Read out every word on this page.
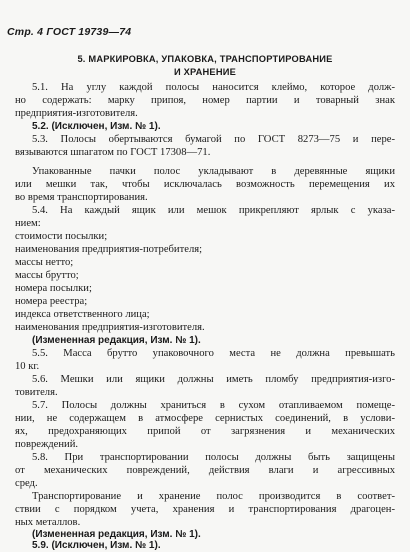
Стр. 4 ГОСТ 19739—74
5. МАРКИРОВКА, УПАКОВКА, ТРАНСПОРТИРОВАНИЕ
И ХРАНЕНИЕ
5.1. На углу каждой полосы наносится клеймо, которое долж-
но содержать: марку припоя, номер партии и товарный знак
предприятия-изготовителя.
5.2. (Исключен, Изм. № 1).
5.3. Полосы обертываются бумагой по ГОСТ 8273—75 и пере-
вязываются шпагатом по ГОСТ 17308—71.
Упакованные пачки полос укладывают в деревянные ящики
или мешки так, чтобы исключалась возможность перемещения их
во время транспортирования.
5.4. На каждый ящик или мешок прикрепляют ярлык с указа-
нием:
стоимости посылки;
наименования предприятия-потребителя;
массы нетто;
массы брутто;
номера посылки;
номера реестра;
индекса ответственного лица;
наименования предприятия-изготовителя.
(Измененная редакция, Изм. № 1).
5.5. Масса брутто упаковочного места не должна превышать
10 кг.
5.6. Мешки или ящики должны иметь пломбу предприятия-изго-
товителя.
5.7. Полосы должны храниться в сухом отапливаемом помеще-
нии, не содержащем в атмосфере сернистых соединений, в услови-
ях, предохраняющих припой от загрязнения и механических
повреждений.
5.8. При транспортировании полосы должны быть защищены
от механических повреждений, действия влаги и агрессивных
сред.
Транспортирование и хранение полос производится в соответ-
ствии с порядком учета, хранения и транспортирования драгоцен-
ных металлов.
(Измененная редакция, Изм. № 1).
5.9. (Исключен, Изм. № 1).
